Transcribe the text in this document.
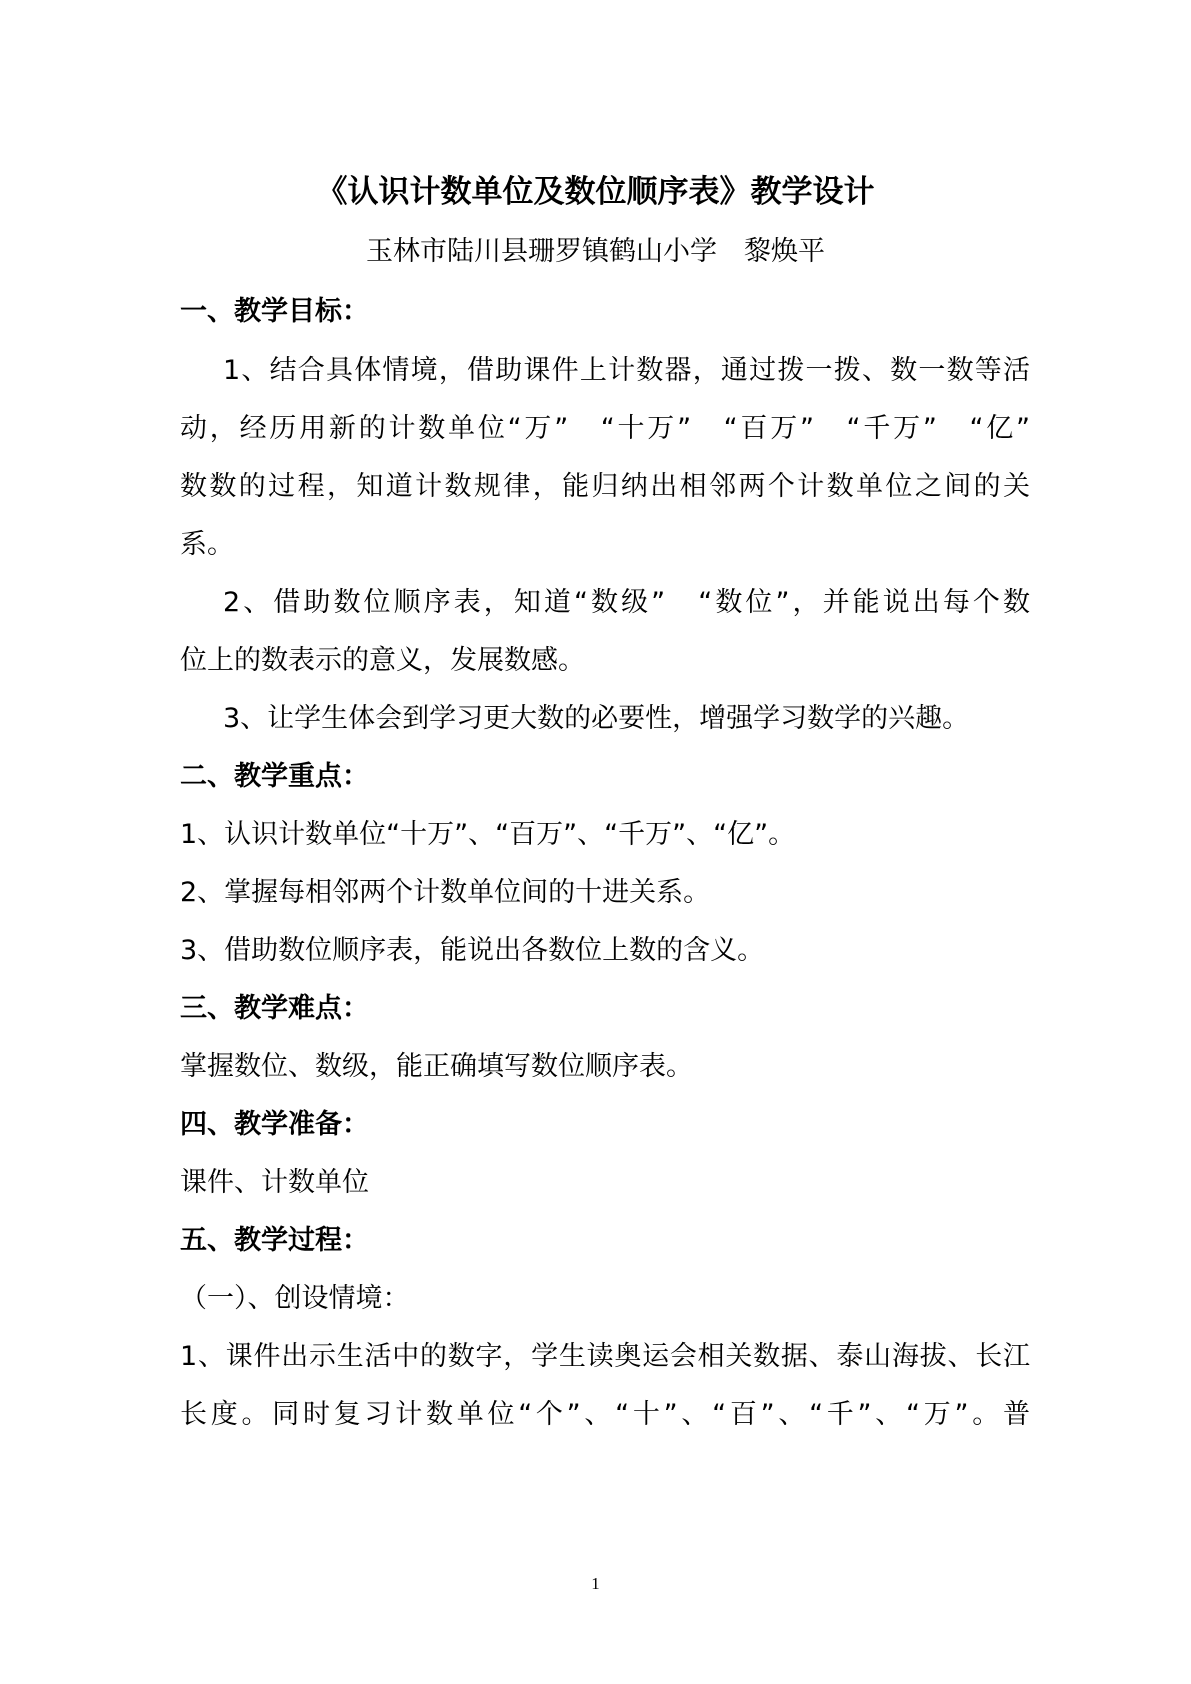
《认识计数单位及数位顺序表》教学设计
玉林市陆川县珊罗镇鹤山小学　黎焕平
一、教学目标：
1、结合具体情境，借助课件上计数器，通过拨一拨、数一数等活
动，经历用新的计数单位“万”　“十万”　“百万”　“千万”　“亿”
数数的过程，知道计数规律，能归纳出相邻两个计数单位之间的关
系。
2、借助数位顺序表，知道“数级”　“数位”，并能说出每个数
位上的数表示的意义，发展数感。
3、让学生体会到学习更大数的必要性，增强学习数学的兴趣。
二、教学重点：
1、认识计数单位“十万”、“百万”、“千万”、“亿”。
2、掌握每相邻两个计数单位间的十进关系。
3、借助数位顺序表，能说出各数位上数的含义。
三、教学难点：
掌握数位、数级，能正确填写数位顺序表。
四、教学准备：
课件、计数单位
五、教学过程：
（一）、创设情境：
1、课件出示生活中的数字，学生读奥运会相关数据、泰山海拔、长江
长度。同时复习计数单位“个”、“十”、“百”、“千”、“万”。普
1
